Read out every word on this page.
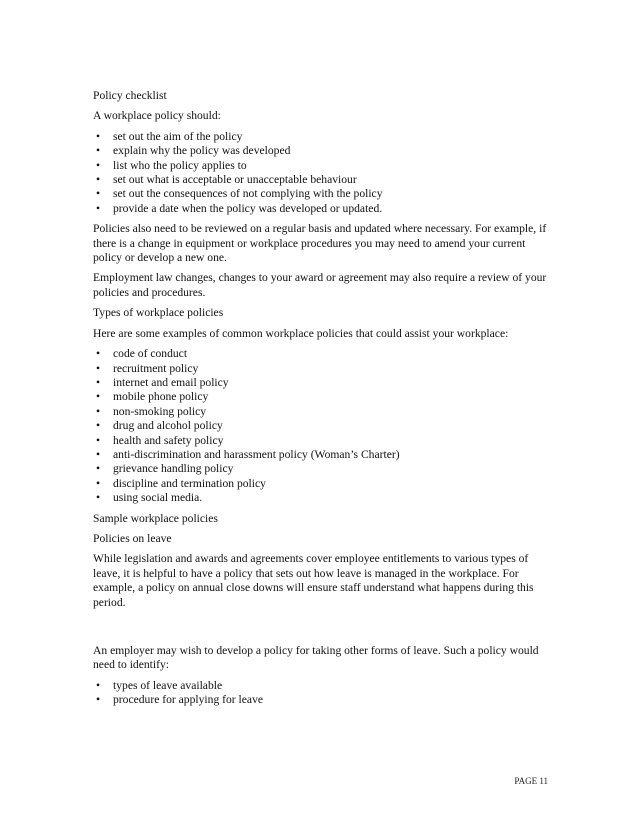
Policy checklist

A workplace policy should:

• set out the aim of the policy
• explain why the policy was developed
• list who the policy applies to
• set out what is acceptable or unacceptable behaviour
• set out the consequences of not complying with the policy
• provide a date when the policy was developed or updated.

Policies also need to be reviewed on a regular basis and updated where necessary. For example, if there is a change in equipment or workplace procedures you may need to amend your current policy or develop a new one.

Employment law changes, changes to your award or agreement may also require a review of your policies and procedures.

Types of workplace policies

Here are some examples of common workplace policies that could assist your workplace:

• code of conduct
• recruitment policy
• internet and email policy
• mobile phone policy
• non-smoking policy
• drug and alcohol policy
• health and safety policy
• anti-discrimination and harassment policy (Woman’s Charter)
• grievance handling policy
• discipline and termination policy
• using social media.

Sample workplace policies

Policies on leave

While legislation and awards and agreements cover employee entitlements to various types of leave, it is helpful to have a policy that sets out how leave is managed in the workplace. For example, a policy on annual close downs will ensure staff understand what happens during this period.

An employer may wish to develop a policy for taking other forms of leave. Such a policy would need to identify:

• types of leave available
• procedure for applying for leave
PAGE 11
